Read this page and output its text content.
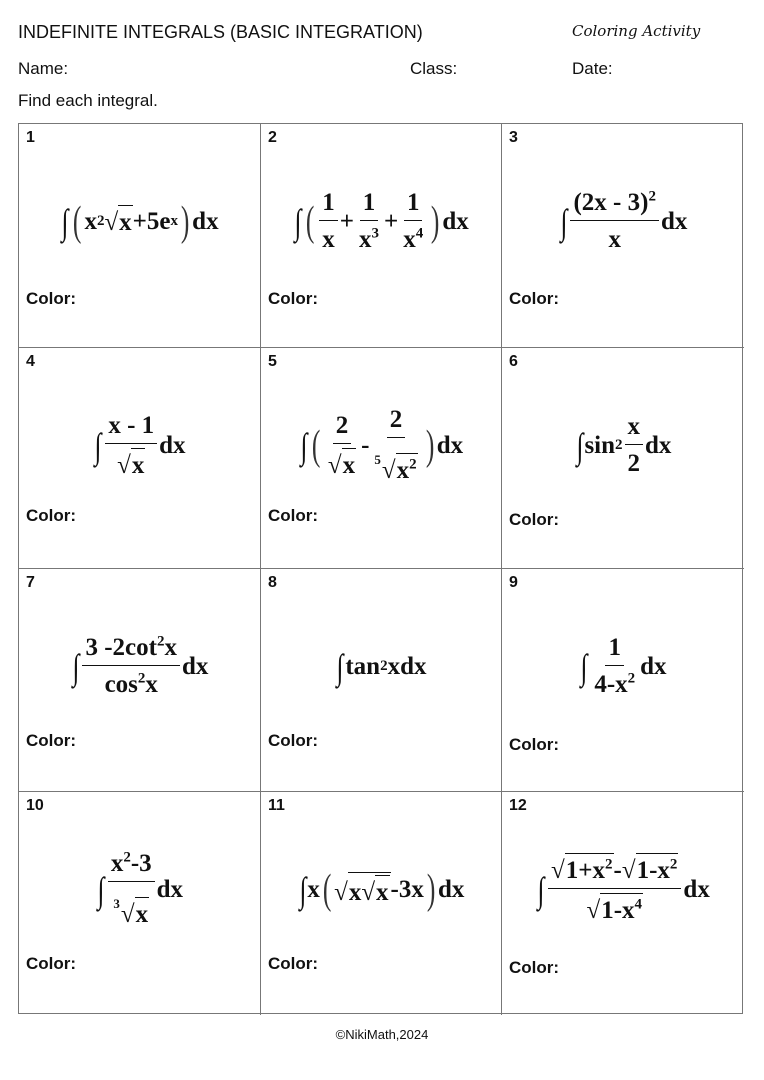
INDEFINITE INTEGRALS (BASIC INTEGRATION)	Coloring Activity
Name:	Class:	Date:
Find each integral.
1
∫ ( x 2 √ x +5e x ) dx
Color:
2
∫ ( $\frac{1}{x} + \frac{1}{x^3} + \frac{1}{x^4}$ ) dx
Color:
3
∫ $\frac{(2x - 3)^2}{x}$ dx
Color:
4
∫ $\frac{x - 1}{√ x}$ dx
Color:
5
∫ ( $\frac{2}{√ x} - \frac{2}{5 √ x^2}$ ) dx
Color:
6
∫ $\sin 2 \frac{x}{2}$ dx
Color:
7
∫ $\frac{3 -2\cot^2x}{\cos^2x}$ dx
Color:
8
∫ tan 2 xdx
Color:
9
∫ $\frac{1}{4-x^2}$ dx
Color:
10
∫ $\frac{x^2-3}{3 √ x}$ dx
Color:
11
∫ x ( √ x √ x -3x ) dx
Color:
12
∫ $\frac{√ 1+x^2 - √ 1-x^2}{√ 1-x^4}$ dx
Color:
©NikiMath,2024
